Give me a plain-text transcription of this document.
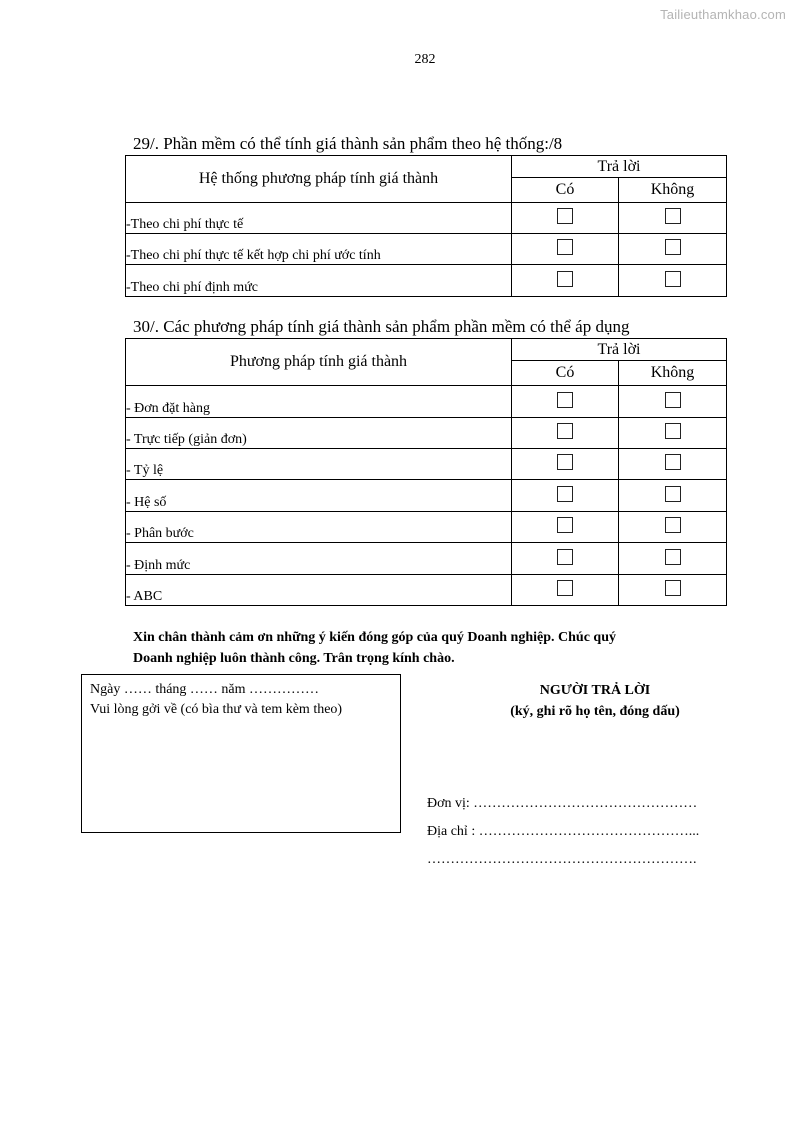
Tailieuthamkhao.com
282
29/. Phần mềm có thể tính giá thành sản phẩm theo hệ thống:/8
Hệ thống phương pháp tính giá thành	Trả lời	
	Có	Không
-Theo chi phí thực tế		
-Theo chi phí thực tế kết hợp chi phí ước tính		
-Theo chi phí định mức		
30/. Các phương pháp tính giá thành sản phẩm phần mềm có thể áp dụng
Phương pháp tính giá thành	Trả lời	
	Có	Không
- Đơn đặt hàng		
- Trực tiếp (giản đơn)		
- Tỷ lệ		
- Hệ số		
- Phân bước		
- Định mức		
- ABC		
Xin chân thành cảm ơn những ý kiến đóng góp của quý Doanh nghiệp. Chúc quý
Doanh nghiệp luôn thành công. Trân trọng kính chào.
Ngày …… tháng …… năm ……………
Vui lòng gởi về (có bìa thư và tem kèm theo)
NGƯỜI TRẢ LỜI
(ký, ghi rõ họ tên, đóng dấu)
Đơn vị: …………………………………………
Địa chỉ : ………………………………………...
………………………………………………….
